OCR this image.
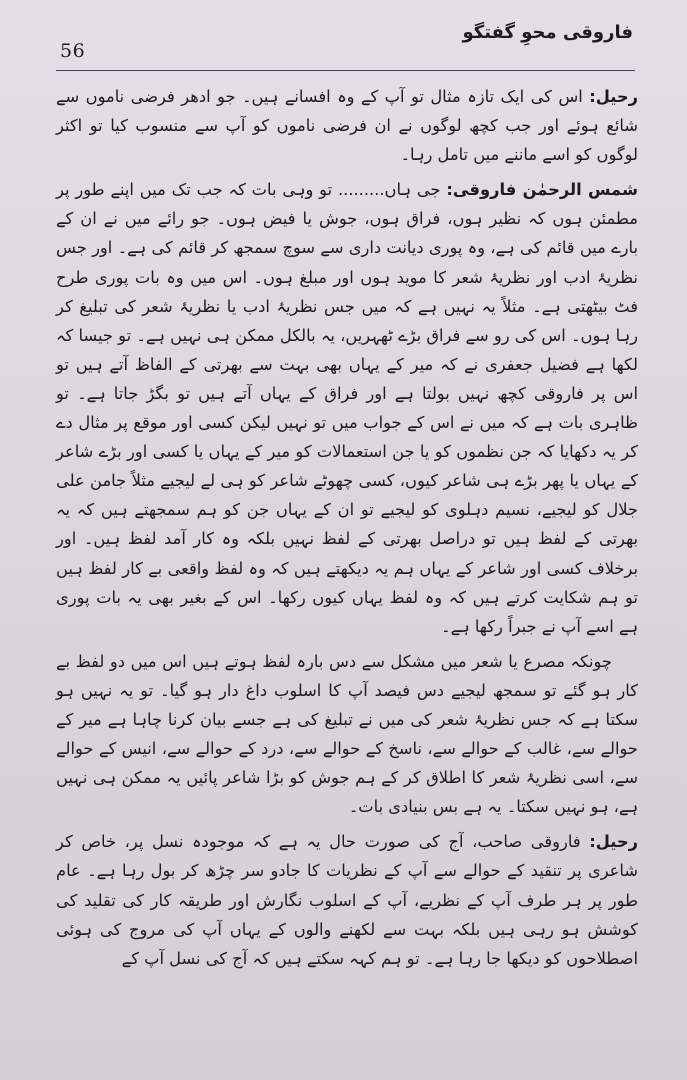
56
فاروقی محوِ گفتگو

رحیل: اس کی ایک تازہ مثال تو آپ کے وہ افسانے ہیں۔ جو ادھر فرضی ناموں سے شائع ہوئے اور جب کچھ لوگوں نے ان فرضی ناموں کو آپ سے منسوب کیا تو اکثر لوگوں کو اسے ماننے میں تامل رہا۔

شمس الرحمٰن فاروقی: جی ہاں......... تو وہی بات کہ جب تک میں اپنے طور پر مطمئن ہوں کہ نظیر ہوں، فراق ہوں، جوش یا فیض ہوں۔ جو رائے میں نے ان کے بارے میں قائم کی ہے، وہ پوری دیانت داری سے سوچ سمجھ کر قائم کی ہے۔ اور جس نظریۂ ادب اور نظریۂ شعر کا موید ہوں اور مبلغ ہوں۔ اس میں وہ بات پوری طرح فٹ بیٹھتی ہے۔ مثلاً یہ نہیں ہے کہ میں جس نظریۂ ادب یا نظریۂ شعر کی تبلیغ کر رہا ہوں۔ اس کی رو سے فراق بڑے ٹھہریں، یہ بالکل ممکن ہی نہیں ہے۔ تو جیسا کہ لکھا ہے فضیل جعفری نے کہ میر کے یہاں بھی بہت سے بھرتی کے الفاظ آتے ہیں تو اس پر فاروقی کچھ نہیں بولتا ہے اور فراق کے یہاں آتے ہیں تو بگڑ جاتا ہے۔ تو ظاہری بات ہے کہ میں نے اس کے جواب میں تو نہیں لیکن کسی اور موقع پر مثال دے کر یہ دکھایا کہ جن نظموں کو یا جن استعمالات کو میر کے یہاں یا کسی اور بڑے شاعر کے یہاں یا پھر بڑے ہی شاعر کیوں، کسی چھوٹے شاعر کو ہی لے لیجیے مثلاً جامن علی جلال کو لیجیے، نسیم دہلوی کو لیجیے تو ان کے یہاں جن کو ہم سمجھتے ہیں کہ یہ بھرتی کے لفظ ہیں تو دراصل بھرتی کے لفظ نہیں بلکہ وہ کار آمد لفظ ہیں۔ اور برخلاف کسی اور شاعر کے یہاں ہم یہ دیکھتے ہیں کہ وہ لفظ واقعی بے کار لفظ ہیں تو ہم شکایت کرتے ہیں کہ وہ لفظ یہاں کیوں رکھا۔ اس کے بغیر بھی یہ بات پوری ہے اسے آپ نے جبراً رکھا ہے۔

چونکہ مصرع یا شعر میں مشکل سے دس بارہ لفظ ہوتے ہیں اس میں دو لفظ بے کار ہو گئے تو سمجھ لیجیے دس فیصد آپ کا اسلوب داغ دار ہو گیا۔ تو یہ نہیں ہو سکتا ہے کہ جس نظریۂ شعر کی میں نے تبلیغ کی ہے جسے بیان کرنا چاہا ہے میر کے حوالے سے، غالب کے حوالے سے، ناسخ کے حوالے سے، درد کے حوالے سے، انیس کے حوالے سے، اسی نظریۂ شعر کا اطلاق کر کے ہم جوش کو بڑا شاعر پائیں یہ ممکن ہی نہیں ہے، ہو نہیں سکتا۔ یہ ہے بس بنیادی بات۔

رحیل: فاروقی صاحب، آج کی صورت حال یہ ہے کہ موجودہ نسل پر، خاص کر شاعری پر تنقید کے حوالے سے آپ کے نظریات کا جادو سر چڑھ کر بول رہا ہے۔ عام طور پر ہر طرف آپ کے نظریے، آپ کے اسلوب نگارش اور طریقہ کار کی تقلید کی کوشش ہو رہی ہیں بلکہ بہت سے لکھنے والوں کے یہاں آپ کی مروج کی ہوئی اصطلاحوں کو دیکھا جا رہا ہے۔ تو ہم کہہ سکتے ہیں کہ آج کی نسل آپ کے
